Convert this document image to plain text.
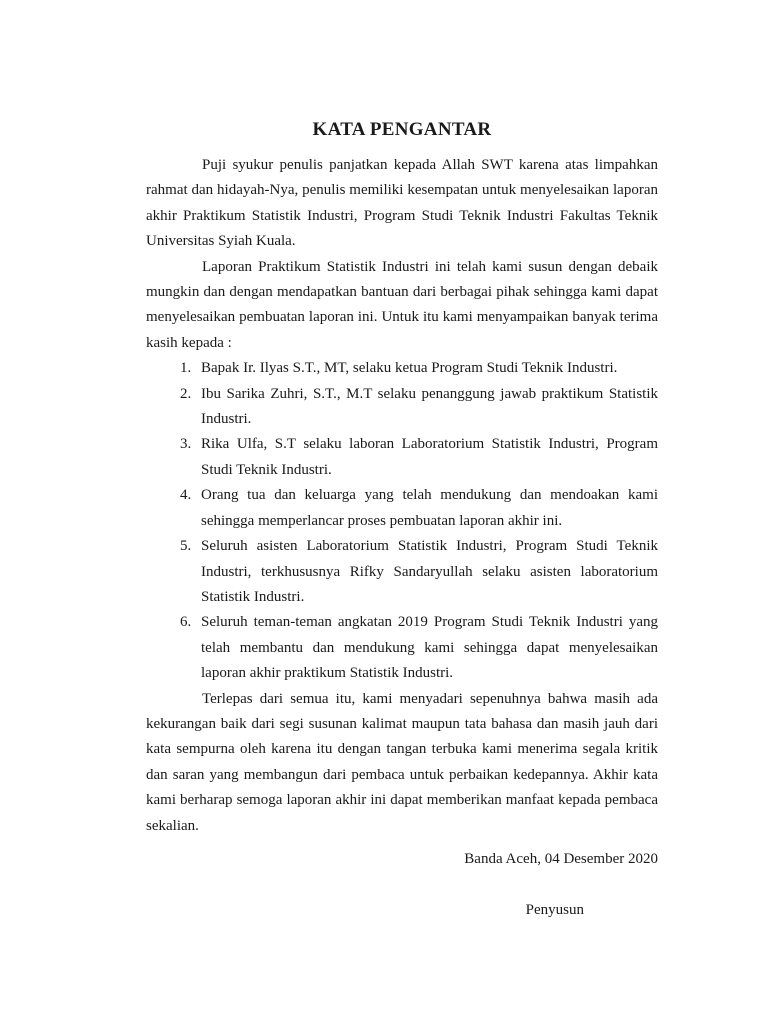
KATA PENGANTAR

Puji syukur penulis panjatkan kepada Allah SWT karena atas limpahkan rahmat dan hidayah-Nya, penulis memiliki kesempatan untuk menyelesaikan laporan akhir Praktikum Statistik Industri, Program Studi Teknik Industri Fakultas Teknik Universitas Syiah Kuala.

Laporan Praktikum Statistik Industri ini telah kami susun dengan debaik mungkin dan dengan mendapatkan bantuan dari berbagai pihak sehingga kami dapat menyelesaikan pembuatan laporan ini. Untuk itu kami menyampaikan banyak terima kasih kepada :

1. Bapak Ir. Ilyas S.T., MT, selaku ketua Program Studi Teknik Industri.
2. Ibu Sarika Zuhri, S.T., M.T selaku penanggung jawab praktikum Statistik Industri.
3. Rika Ulfa, S.T selaku laboran Laboratorium Statistik Industri, Program Studi Teknik Industri.
4. Orang tua dan keluarga yang telah mendukung dan mendoakan kami sehingga memperlancar proses pembuatan laporan akhir ini.
5. Seluruh asisten Laboratorium Statistik Industri, Program Studi Teknik Industri, terkhususnya Rifky Sandaryullah selaku asisten laboratorium Statistik Industri.
6. Seluruh teman-teman angkatan 2019 Program Studi Teknik Industri yang telah membantu dan mendukung kami sehingga dapat menyelesaikan laporan akhir praktikum Statistik Industri.

Terlepas dari semua itu, kami menyadari sepenuhnya bahwa masih ada kekurangan baik dari segi susunan kalimat maupun tata bahasa dan masih jauh dari kata sempurna oleh karena itu dengan tangan terbuka kami menerima segala kritik dan saran yang membangun dari pembaca untuk perbaikan kedepannya. Akhir kata kami berharap semoga laporan akhir ini dapat memberikan manfaat kepada pembaca sekalian.

Banda Aceh, 04 Desember 2020
Penyusun
